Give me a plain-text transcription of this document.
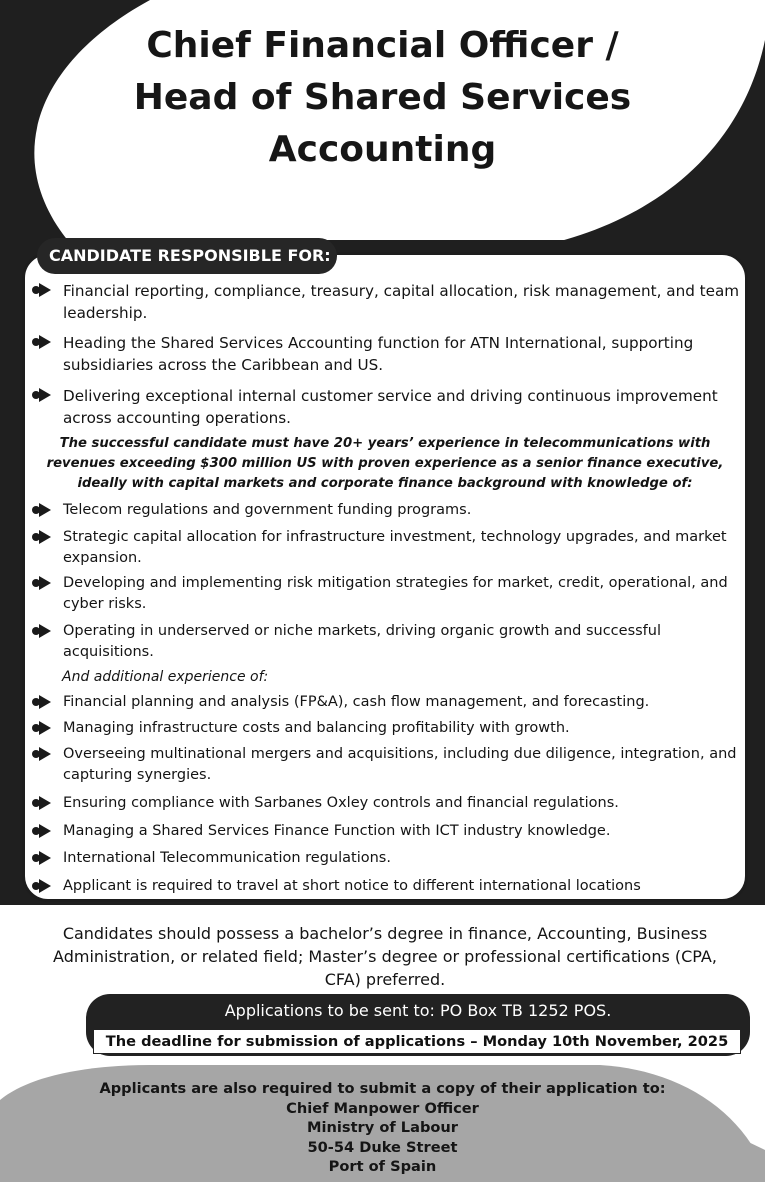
Chief Financial Officer /
Head of Shared Services
Accounting
CANDIDATE RESPONSIBLE FOR:
Financial reporting, compliance, treasury, capital allocation, risk management, and team leadership.
Heading the Shared Services Accounting function for ATN International, supporting subsidiaries across the Caribbean and US.
Delivering exceptional internal customer service and driving continuous improvement across accounting operations.

The successful candidate must have 20+ years’ experience in telecommunications with revenues exceeding $300 million US with proven experience as a senior finance executive, ideally with capital markets and corporate finance background with knowledge of:

Telecom regulations and government funding programs.
Strategic capital allocation for infrastructure investment, technology upgrades, and market expansion.
Developing and implementing risk mitigation strategies for market, credit, operational, and cyber risks.
Operating in underserved or niche markets, driving organic growth and successful acquisitions.
And additional experience of:
Financial planning and analysis (FP&A), cash flow management, and forecasting.
Managing infrastructure costs and balancing profitability with growth.
Overseeing multinational mergers and acquisitions, including due diligence, integration, and capturing synergies.
Ensuring compliance with Sarbanes Oxley controls and financial regulations.
Managing a Shared Services Finance Function with ICT industry knowledge.
International Telecommunication regulations.
Applicant is required to travel at short notice to different international locations

Candidates should possess a bachelor’s degree in finance, Accounting, Business Administration, or related field; Master’s degree or professional certifications (CPA, CFA) preferred.

Applications to be sent to: PO Box TB 1252 POS.
The deadline for submission of applications – Monday 10th November, 2025
Applicants are also required to submit a copy of their application to:
Chief Manpower Officer
Ministry of Labour
50-54 Duke Street
Port of Spain
